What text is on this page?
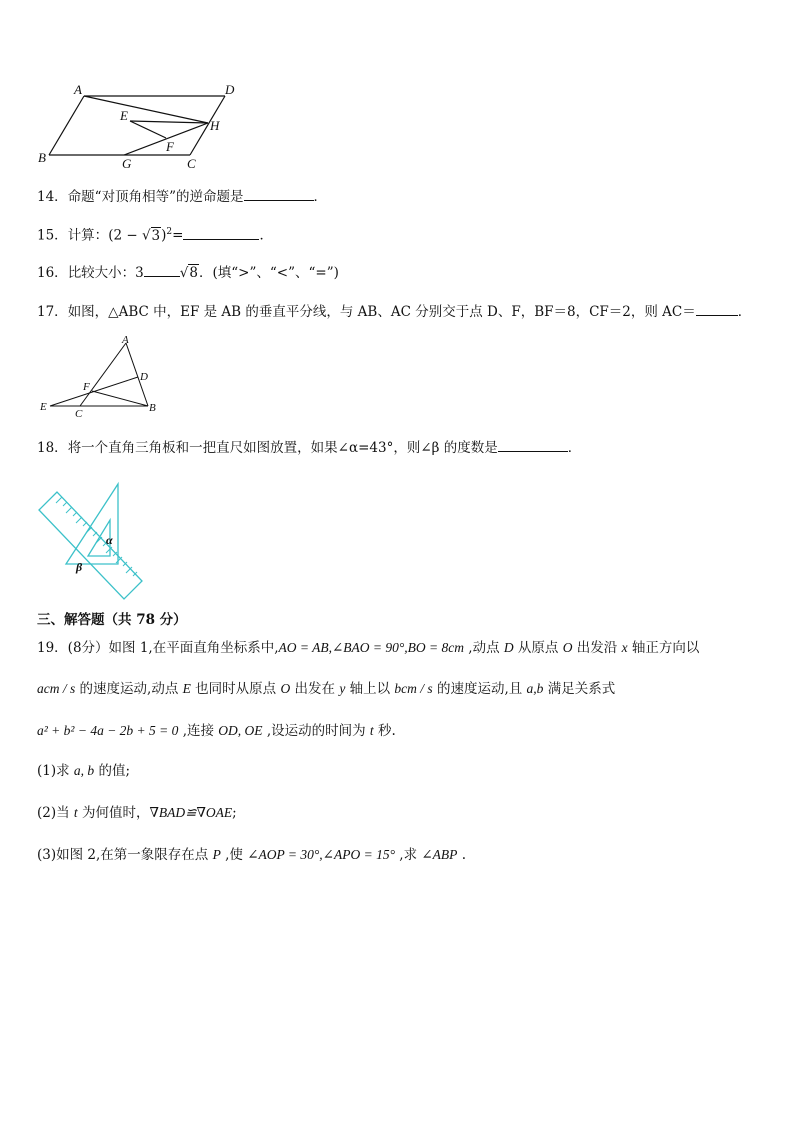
A	D
E
H
F
B	G	C
14．命题“对顶角相等”的逆命题是	．
15．计算：$(2 - √3)^2=$	．
16．比较大小：3	√8．(填“>”、“<”、“=”)
17．如图，△ABC 中，EF 是 AB 的垂直平分线，与 AB、AC 分别交于点 D、F，BF＝8，CF＝2，则 AC＝	．
A
D
F
E
C	B
18．将一个直角三角板和一把直尺如图放置，如果∠α=43°，则∠β 的度数是	．
α
β
三、解答题（共 78 分）
19．(8分）如图 1,在平面直角坐标系中,AO = AB,∠BAO = 90°,BO = 8cm ,动点 D 从原点 O 出发沿 x 轴正方向以
acm / s 的速度运动,动点 E 也同时从原点 O 出发在 y 轴上以 bcm / s 的速度运动,且 a,b 满足关系式
a² + b² − 4a − 2b + 5 = 0 ,连接 OD, OE ,设运动的时间为 t 秒.
(1)求 a, b 的值;
(2)当 t 为何值时，∇BAD≌∇OAE;
(3)如图 2,在第一象限存在点 P ,使 ∠AOP = 30°,∠APO = 15° ,求 ∠ABP .
